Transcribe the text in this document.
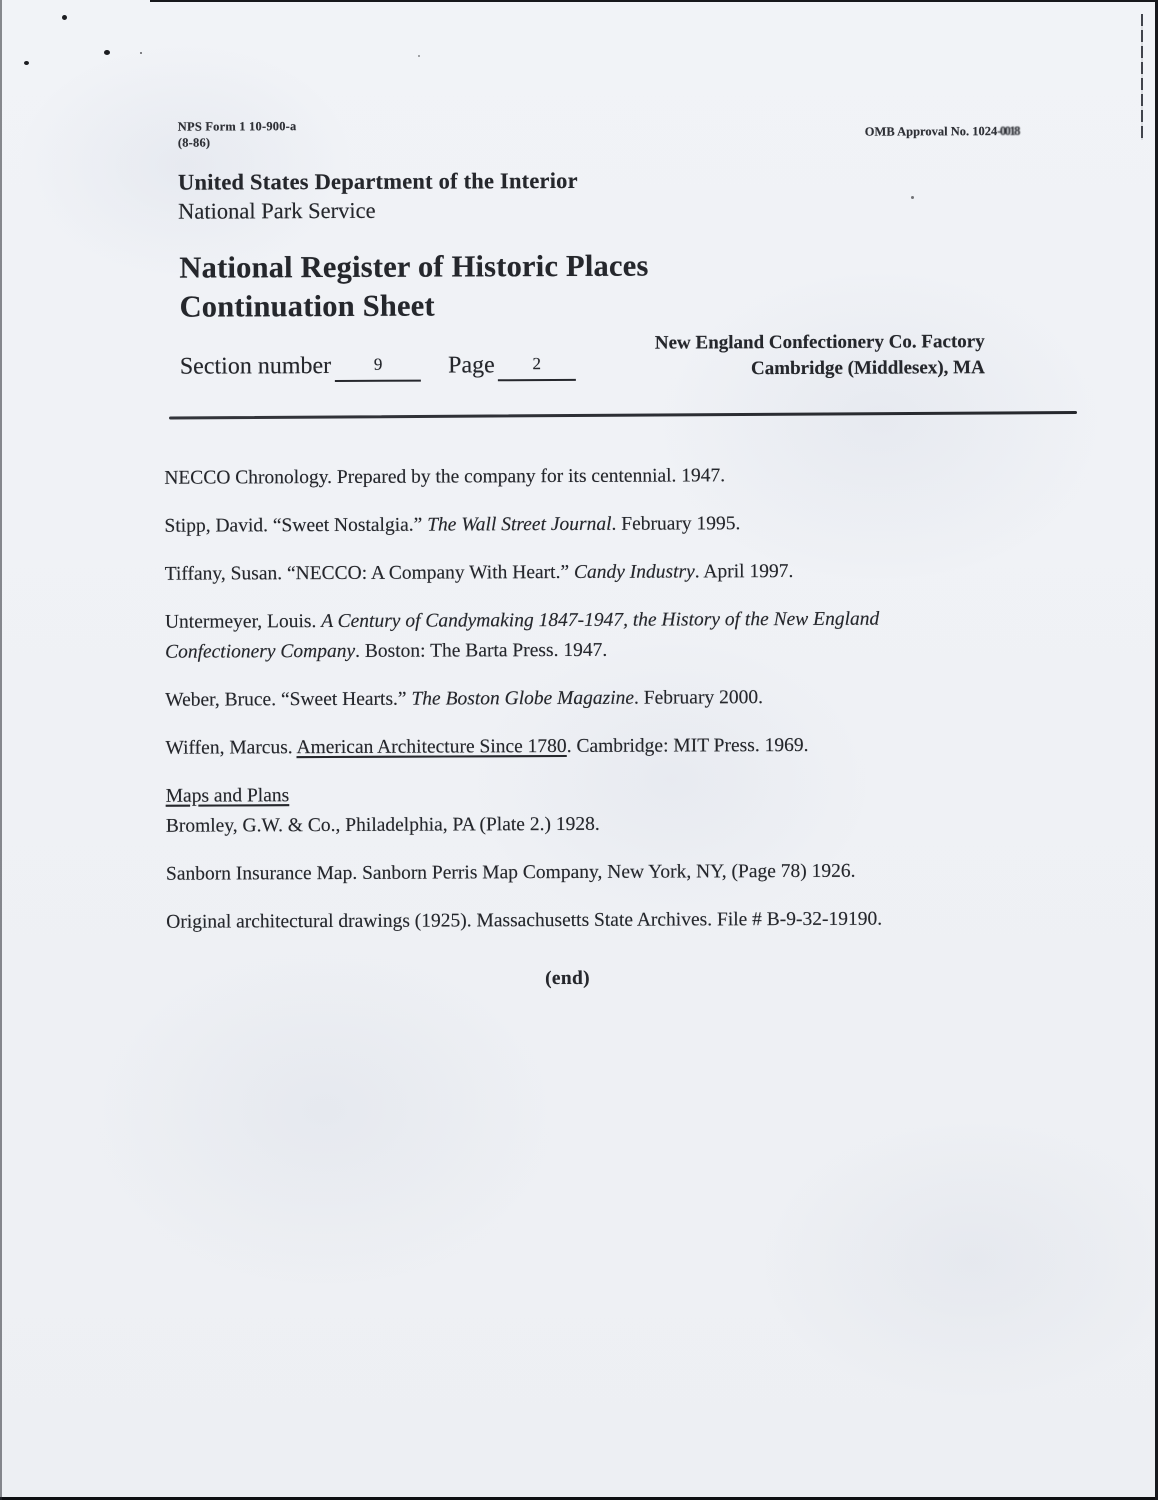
NPS Form 1 10-900-a
(8-86)
OMB Approval No. 1024-0018
United States Department of the Interior
National Park Service
National Register of Historic Places
Continuation Sheet
New England Confectionery Co. Factory
Cambridge (Middlesex), MA
Section number	9	Page 2

NECCO Chronology. Prepared by the company for its centennial. 1947.

Stipp, David. “Sweet Nostalgia.” The Wall Street Journal. February 1995.

Tiffany, Susan. “NECCO: A Company With Heart.” Candy Industry. April 1997.

Untermeyer, Louis. A Century of Candymaking 1847-1947, the History of the New England Confectionery Company. Boston: The Barta Press. 1947.

Weber, Bruce. “Sweet Hearts.” The Boston Globe Magazine. February 2000.

Wiffen, Marcus. American Architecture Since 1780. Cambridge: MIT Press. 1969.

Maps and Plans

Bromley, G.W. & Co., Philadelphia, PA (Plate 2.) 1928.

Sanborn Insurance Map. Sanborn Perris Map Company, New York, NY, (Page 78) 1926.

Original architectural drawings (1925). Massachusetts State Archives. File # B-9-32-19190.

(end)
